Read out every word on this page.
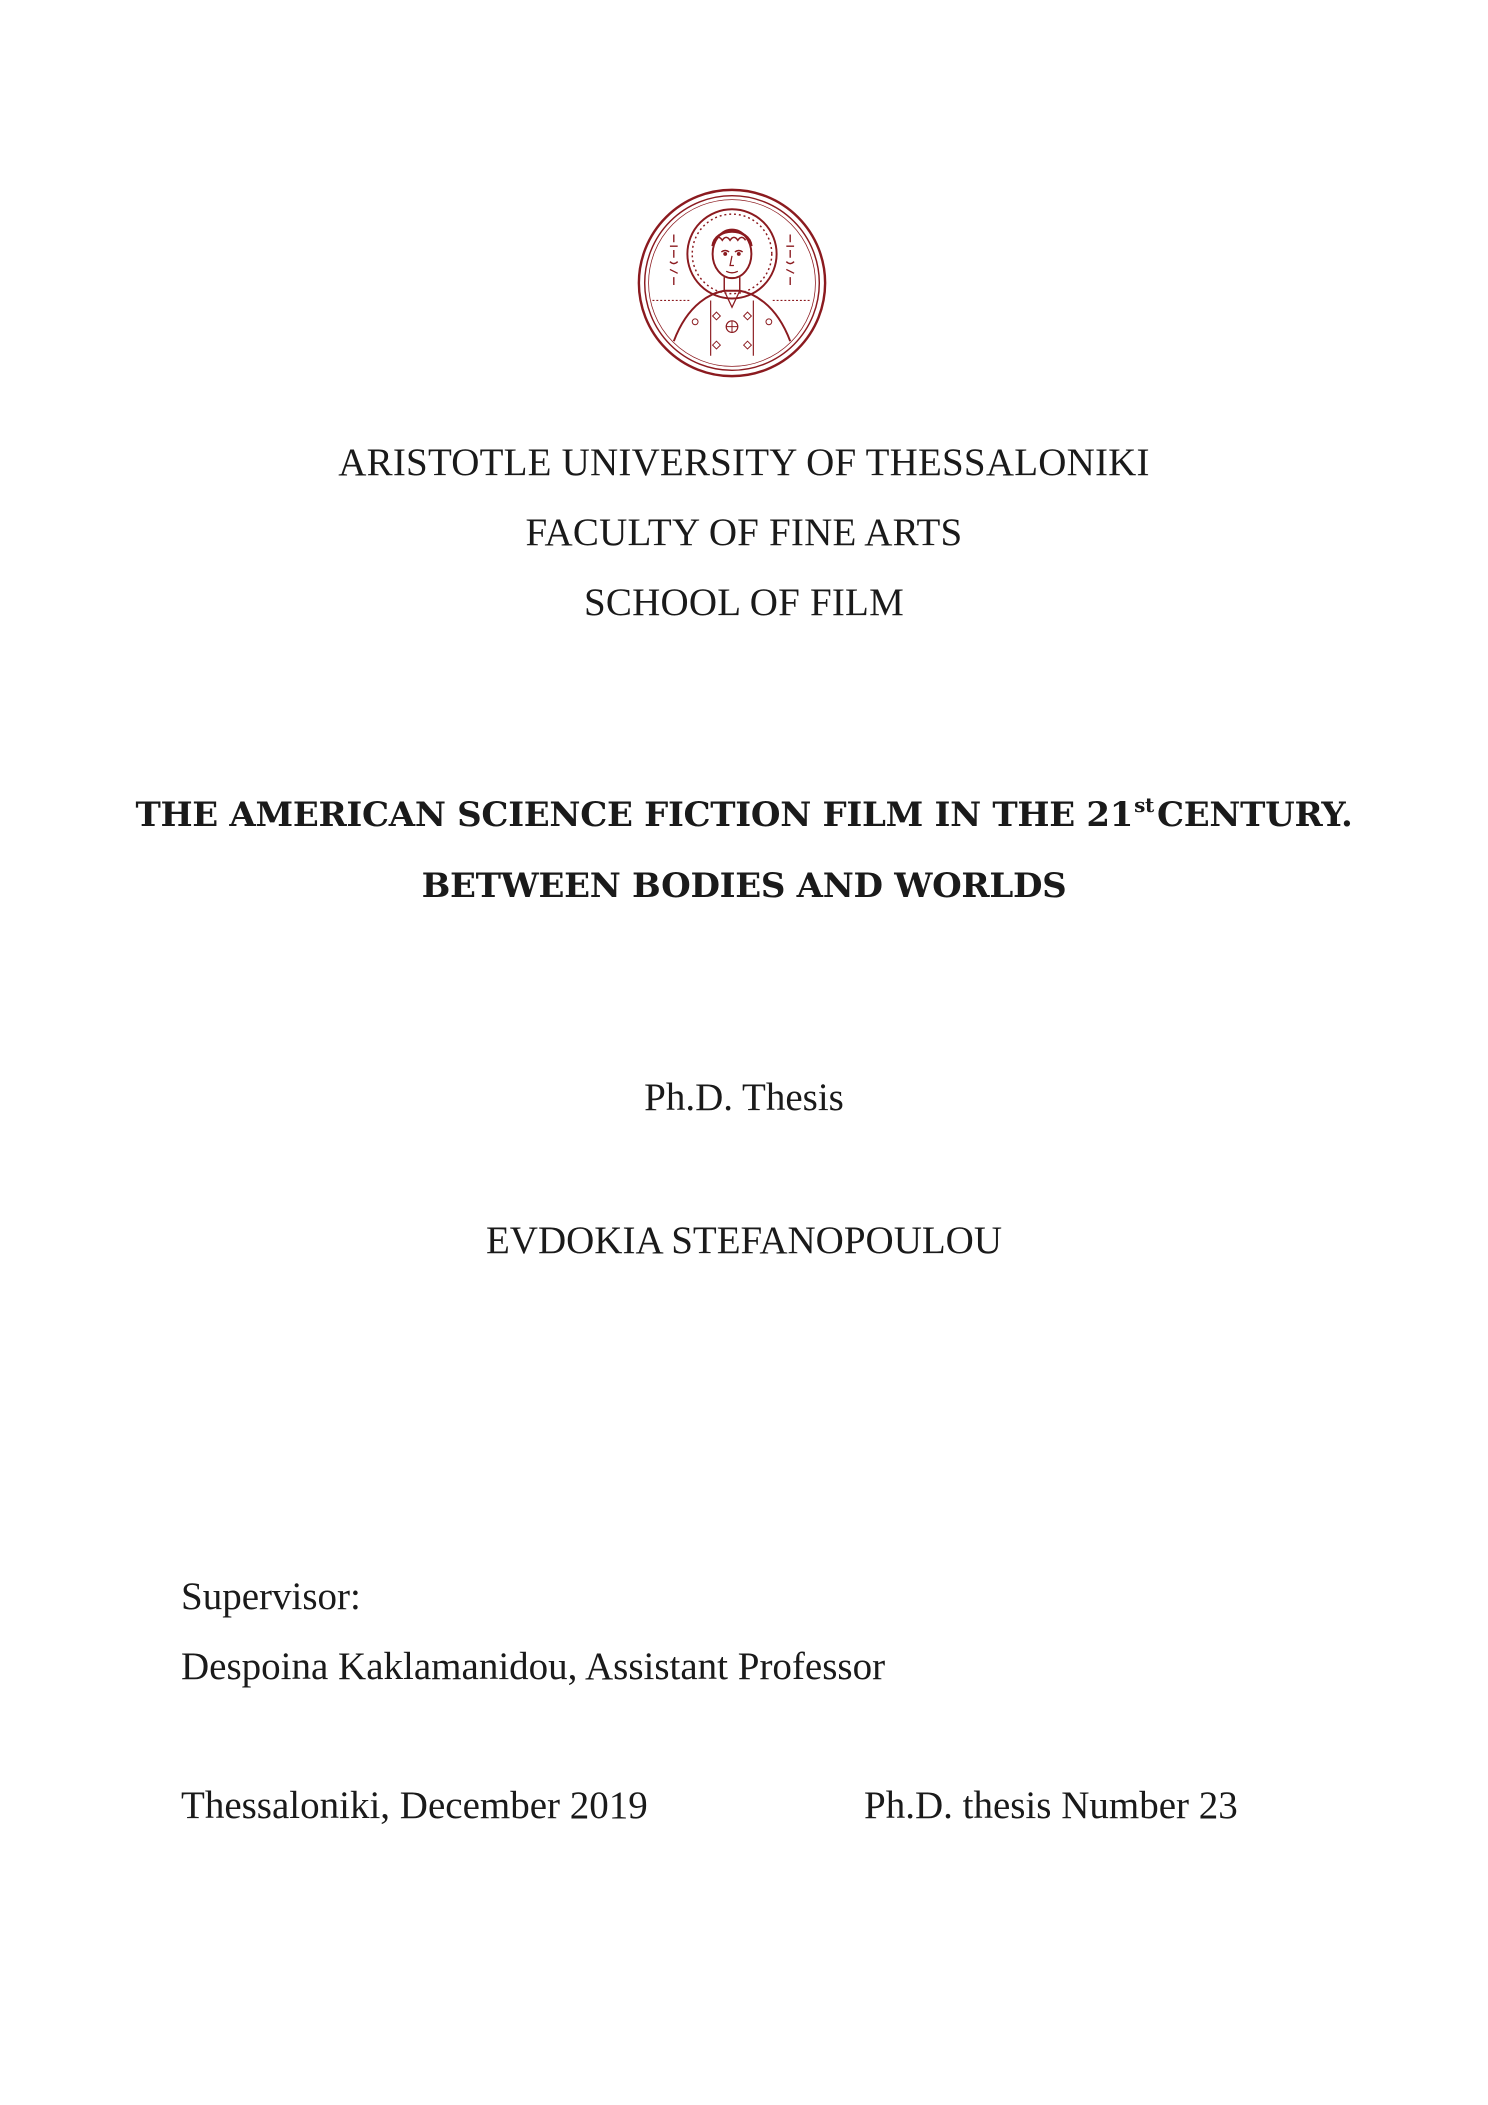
ARISTOTLE UNIVERSITY OF THESSALONIKI
FACULTY OF FINE ARTS
SCHOOL OF FILM
THE AMERICAN SCIENCE FICTION FILM IN THE 21stCENTURY.
BETWEEN BODIES AND WORLDS
Ph.D. Thesis
EVDOKIA STEFANOPOULOU
Supervisor:
Despoina Kaklamanidou, Assistant Professor
Thessaloniki, December 2019	Ph.D. thesis Number 23
